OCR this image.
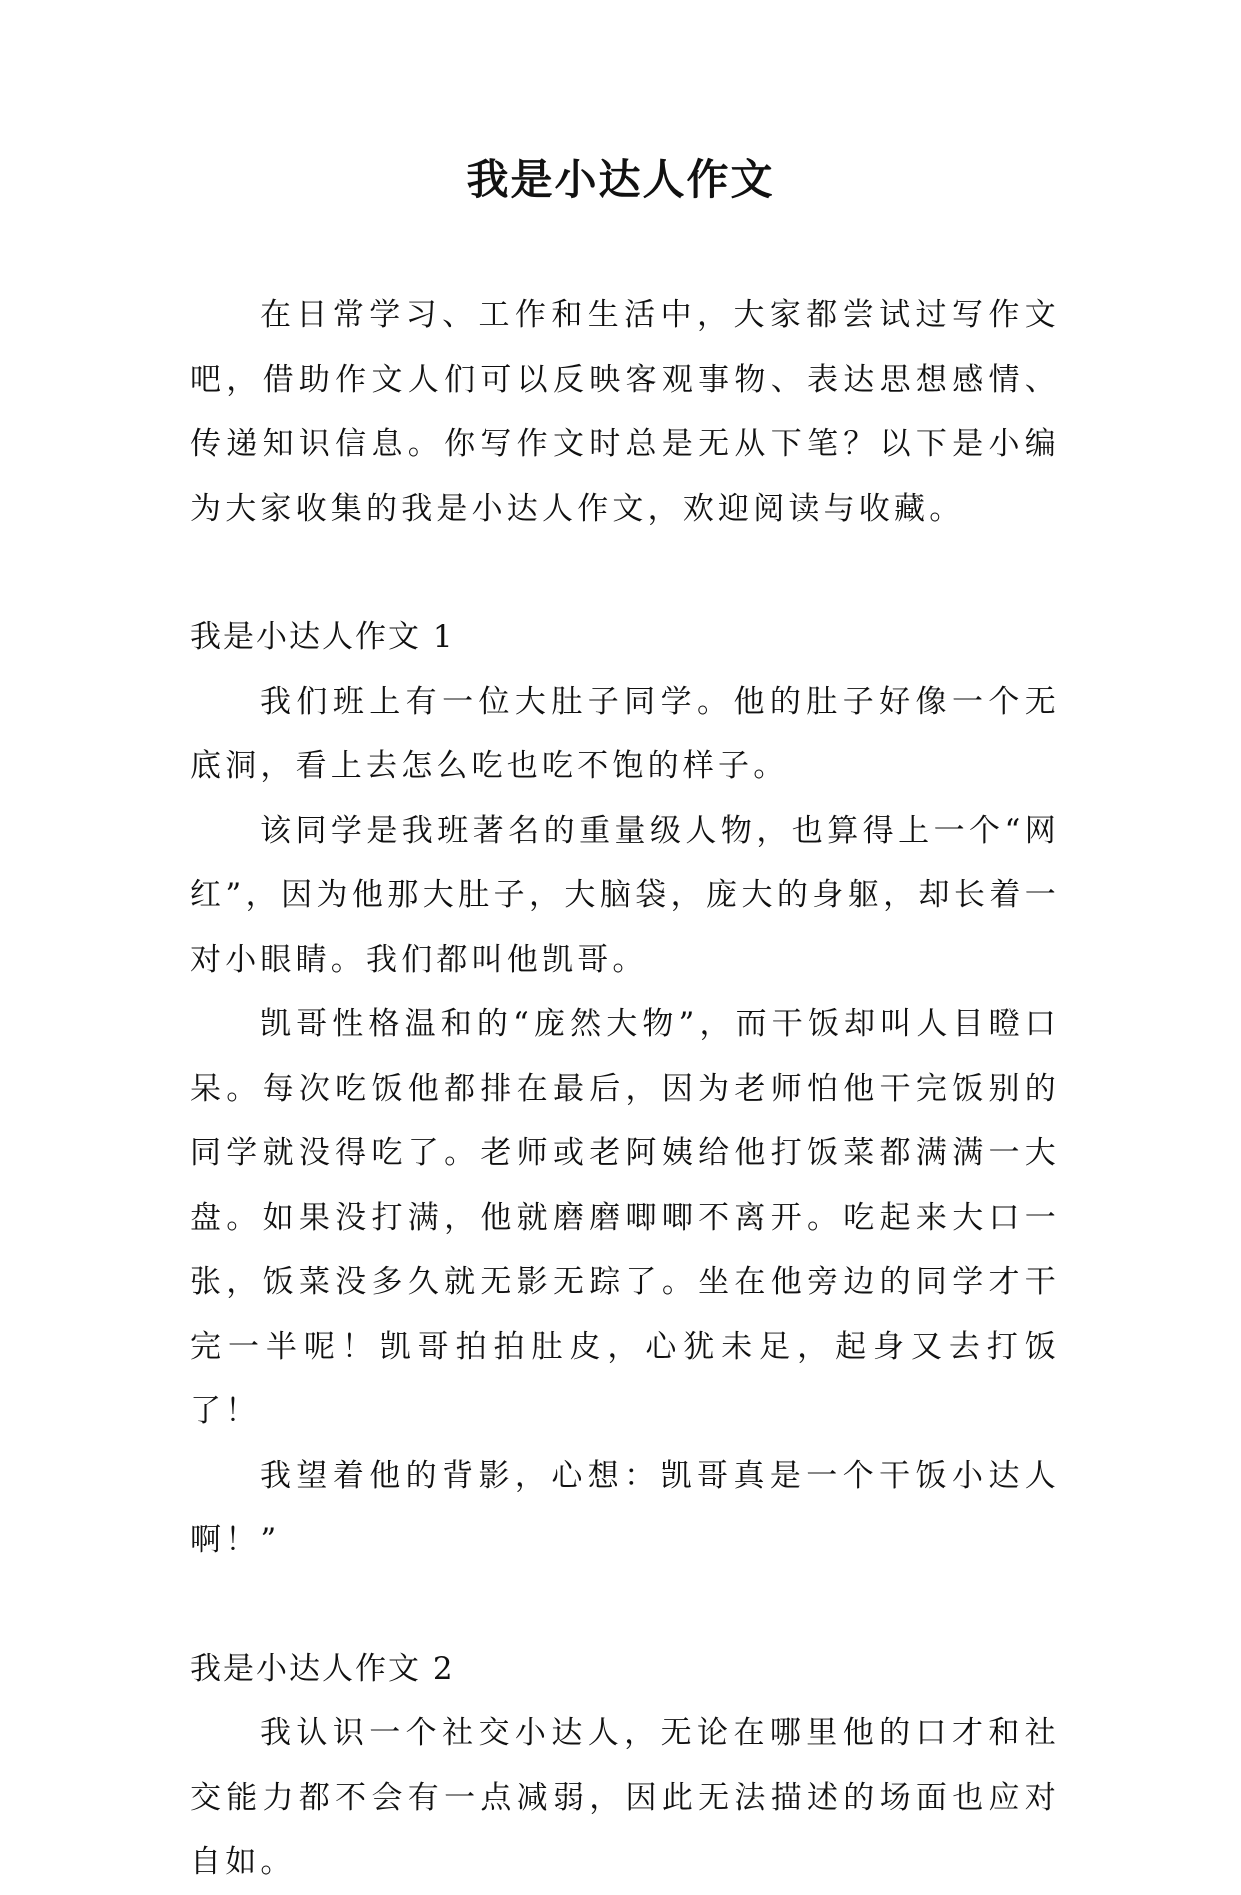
我是小达人作文

在日常学习、工作和生活中，大家都尝试过写作文吧，借助作文人们可以反映客观事物、表达思想感情、传递知识信息。你写作文时总是无从下笔？以下是小编为大家收集的我是小达人作文，欢迎阅读与收藏。

我是小达人作文 1

我们班上有一位大肚子同学。他的肚子好像一个无底洞，看上去怎么吃也吃不饱的样子。

该同学是我班著名的重量级人物，也算得上一个“网红”，因为他那大肚子，大脑袋，庞大的身躯，却长着一对小眼睛。我们都叫他凯哥。

凯哥性格温和的“庞然大物”，而干饭却叫人目瞪口呆。每次吃饭他都排在最后，因为老师怕他干完饭别的同学就没得吃了。老师或老阿姨给他打饭菜都满满一大盘。如果没打满，他就磨磨唧唧不离开。吃起来大口一张，饭菜没多久就无影无踪了。坐在他旁边的同学才干完一半呢！凯哥拍拍肚皮，心犹未足，起身又去打饭了！

我望着他的背影，心想：凯哥真是一个干饭小达人啊！”

我是小达人作文 2

我认识一个社交小达人，无论在哪里他的口才和社交能力都不会有一点减弱，因此无法描述的场面也应对自如。
